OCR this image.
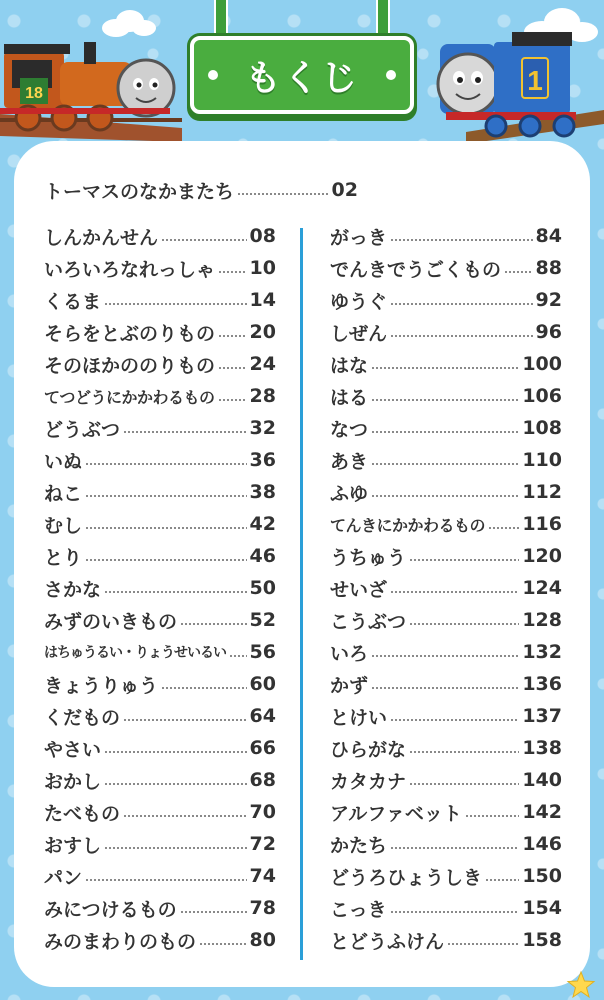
もくじ
18	1
トーマスのなかまたち	02
しんかんせん	08
いろいろなれっしゃ 10
くるま	14
そらをとぶのりもの 20
そのほかののりもの 24
てつどうにかかわるもの 28
どうぶつ	32
いぬ	36
ねこ	38
むし	42
とり	46
さかな	50
みずのいきもの	52
はちゅうるい・りょうせいるい 56
きょうりゅう	60
くだもの	64
やさい	66
おかし	68
たべもの	70
おすし	72
パン	74
みにつけるもの	78
みのまわりのもの	80
がっき	84
でんきでうごくもの 88
ゆうぐ	92
しぜん	96
はな	100
はる	106
なつ	108
あき	110
ふゆ	112
てんきにかかわるもの 116
うちゅう	120
せいざ	124
こうぶつ	128
いろ	132
かず	136
とけい	137
ひらがな	138
カタカナ	140
アルファベット	142
かたち	146
どうろひょうしき 150
こっき	154
とどうふけん	158
